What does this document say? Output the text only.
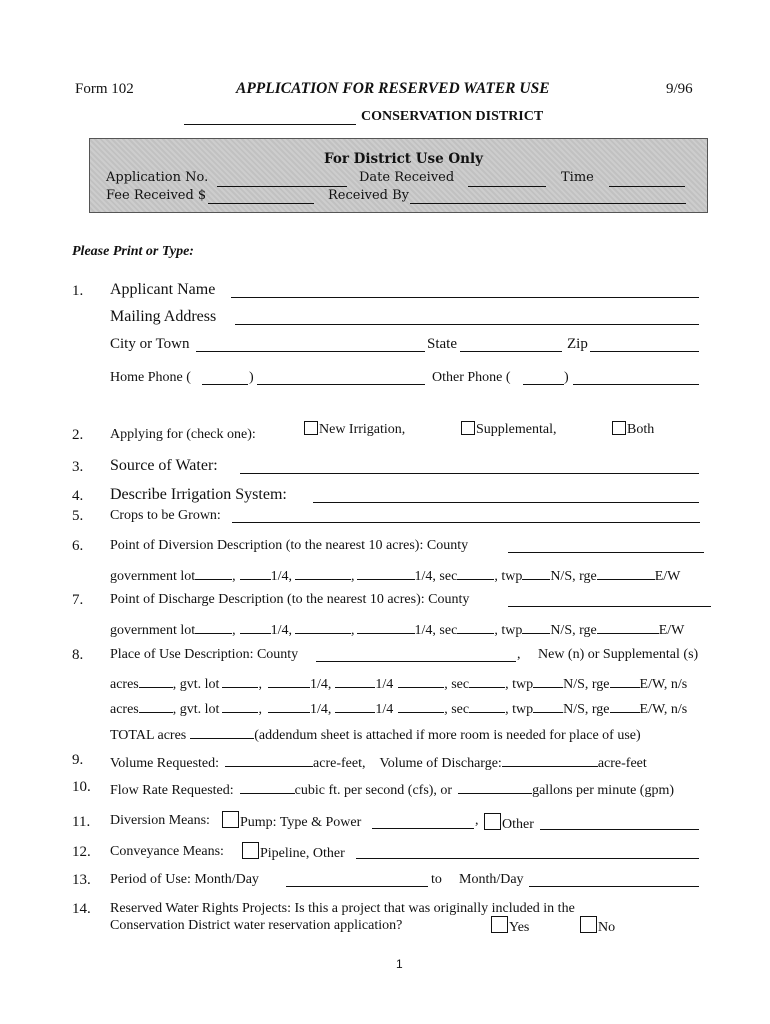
Form 102	APPLICATION FOR RESERVED WATER USE	9/96
CONSERVATION DISTRICT
For District Use Only
Application No.	Date Received	Time
Fee Received $	Received By
Please Print or Type:
1. Applicant Name
Mailing Address
City or Town	State	Zip
Home Phone (	)	Other Phone (	)
2. Applying for (check one):	New Irrigation,	Supplemental,	Both
3. Source of Water:
4. Describe Irrigation System:
5. Crops to be Grown:
6. Point of Diversion Description (to the nearest 10 acres): County
government lot	,	1/4,	,	1/4, sec	, twp N/S, rge	E/W
7. Point of Discharge Description (to the nearest 10 acres): County
government lot	,	1/4,	,	1/4, sec	, twp N/S, rge	E/W
8. Place of Use Description: County	, New (n) or Supplemental (s)
acres , gvt. lot	,	1/4,	1/4	, sec	, twp N/S, rge E/W, n/s
acres , gvt. lot	,	1/4,	1/4	, sec	, twp N/S, rge E/W, n/s
TOTAL acres	(addendum sheet is attached if more room is needed for place of use)
9. Volume Requested:	acre-feet, Volume of Discharge:	acre-feet
10. Flow Rate Requested:	cubic ft. per second (cfs), or	gallons per minute (gpm)
11. Diversion Means:	Pump: Type & Power	,	Other
12. Conveyance Means:	Pipeline, Other
13. Period of Use: Month/Day	to Month/Day
14. Reserved Water Rights Projects: Is this a project that was originally included in the
Conservation District water reservation application?	Yes	No
1
